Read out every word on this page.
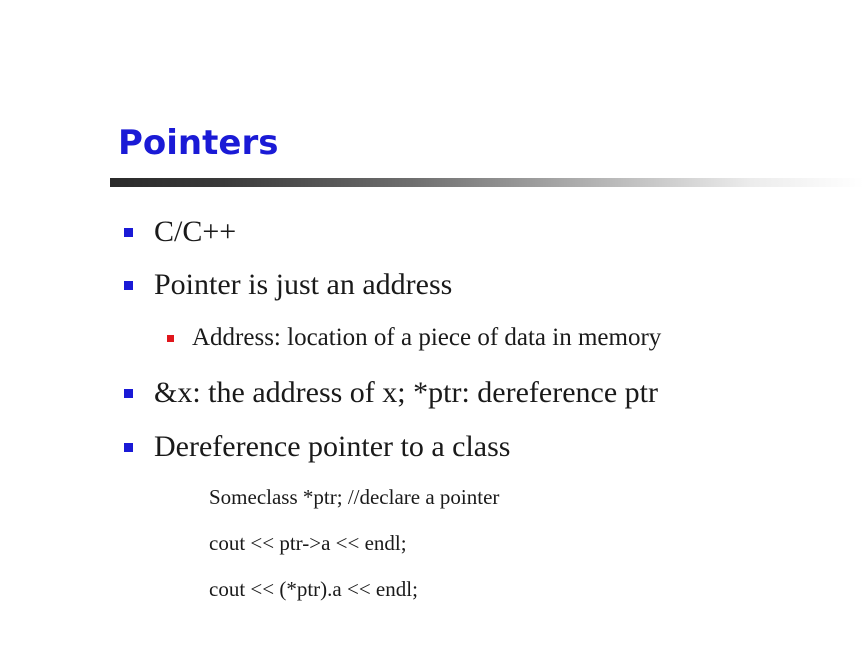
Pointers
C/C++
Pointer is just an address
Address: location of a piece of data in memory
&x: the address of x; *ptr: dereference ptr
Dereference pointer to a class
Someclass *ptr; //declare a pointer
cout << ptr->a << endl;
cout << (*ptr).a << endl;
